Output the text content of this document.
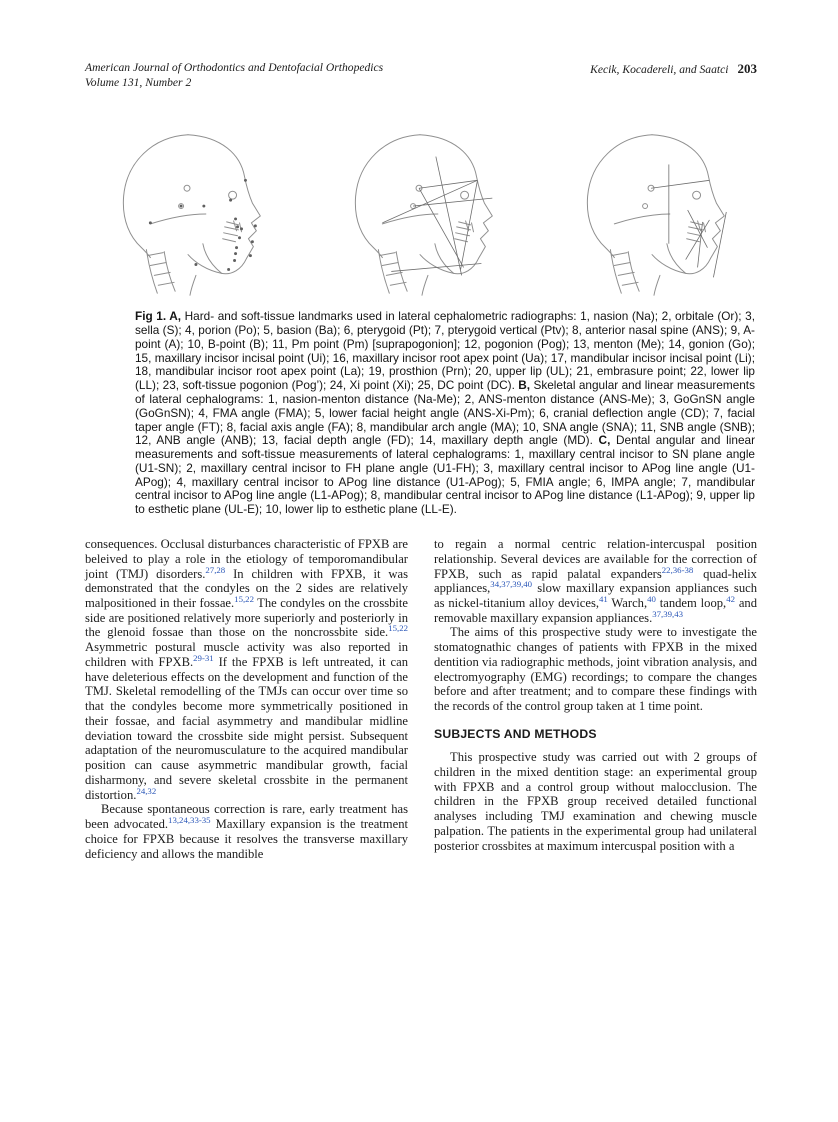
American Journal of Orthodontics and Dentofacial Orthopedics
Volume 131, Number 2
Kecik, Kocadereli, and Saatci 203
Fig 1. A, Hard- and soft-tissue landmarks used in lateral cephalometric radiographs: 1, nasion (Na); 2, orbitale (Or); 3, sella (S); 4, porion (Po); 5, basion (Ba); 6, pterygoid (Pt); 7, pterygoid vertical (Ptv); 8, anterior nasal spine (ANS); 9, A-point (A); 10, B-point (B); 11, Pm point (Pm) [suprapogonion]; 12, pogonion (Pog); 13, menton (Me); 14, gonion (Go); 15, maxillary incisor incisal point (Ui); 16, maxillary incisor root apex point (Ua); 17, mandibular incisor incisal point (Li); 18, mandibular incisor root apex point (La); 19, prosthion (Prn); 20, upper lip (UL); 21, embrasure point; 22, lower lip (LL); 23, soft-tissue pogonion (Pog’); 24, Xi point (Xi); 25, DC point (DC). B, Skeletal angular and linear measurements of lateral cephalograms: 1, nasion-menton distance (Na-Me); 2, ANS-menton distance (ANS-Me); 3, GoGnSN angle (GoGnSN); 4, FMA angle (FMA); 5, lower facial height angle (ANS-Xi-Pm); 6, cranial deflection angle (CD); 7, facial taper angle (FT); 8, facial axis angle (FA); 8, mandibular arch angle (MA); 10, SNA angle (SNA); 11, SNB angle (SNB); 12, ANB angle (ANB); 13, facial depth angle (FD); 14, maxillary depth angle (MD). C, Dental angular and linear measurements and soft-tissue measurements of lateral cephalograms: 1, maxillary central incisor to SN plane angle (U1-SN); 2, maxillary central incisor to FH plane angle (U1-FH); 3, maxillary central incisor to APog line angle (U1-APog); 4, maxillary central incisor to APog line distance (U1-APog); 5, FMIA angle; 6, IMPA angle; 7, mandibular central incisor to APog line angle (L1-APog); 8, mandibular central incisor to APog line distance (L1-APog); 9, upper lip to esthetic plane (UL-E); 10, lower lip to esthetic plane (LL-E).

consequences. Occlusal disturbances characteristic of FPXB are beleived to play a role in the etiology of temporomandibular joint (TMJ) disorders.$^{27,28}$ In children with FPXB, it was demonstrated that the condyles on the 2 sides are relatively malpositioned in their fossae.$^{15,22}$ The condyles on the crossbite side are positioned relatively more superiorly and posteriorly in the glenoid fossae than those on the noncrossbite side.$^{15,22}$ Asymmetric postural muscle activity was also reported in children with FPXB.$^{29-31}$ If the FPXB is left untreated, it can have deleterious effects on the development and function of the TMJ. Skeletal remodelling of the TMJs can occur over time so that the condyles become more symmetrically positioned in their fossae, and facial asymmetry and mandibular midline deviation toward the crossbite side might persist. Subsequent adaptation of the neuromusculature to the acquired mandibular position can cause asymmetric mandibular growth, facial disharmony, and severe skeletal crossbite in the permanent distortion.$^{24,32}$

Because spontaneous correction is rare, early treatment has been advocated.$^{13,24,33-35}$ Maxillary expansion is the treatment choice for FPXB because it resolves the transverse maxillary deficiency and allows the mandible

to regain a normal centric relation-intercuspal position relationship. Several devices are available for the correction of FPXB, such as rapid palatal expanders$^{22,36-38}$ quad-helix appliances,$^{34,37,39,40}$ slow maxillary expansion appliances such as nickel-titanium alloy devices,$^{41}$ Warch,$^{40}$ tandem loop,$^{42}$ and removable maxillary expansion appliances.$^{37,39,43}$

The aims of this prospective study were to investigate the stomatognathic changes of patients with FPXB in the mixed dentition via radiographic methods, joint vibration analysis, and electromyography (EMG) recordings; to compare the changes before and after treatment; and to compare these findings with the records of the control group taken at 1 time point.

SUBJECTS AND METHODS

This prospective study was carried out with 2 groups of children in the mixed dentition stage: an experimental group with FPXB and a control group without malocclusion. The children in the FPXB group received detailed functional analyses including TMJ examination and chewing muscle palpation. The patients in the experimental group had unilateral posterior crossbites at maximum intercuspal position with a
